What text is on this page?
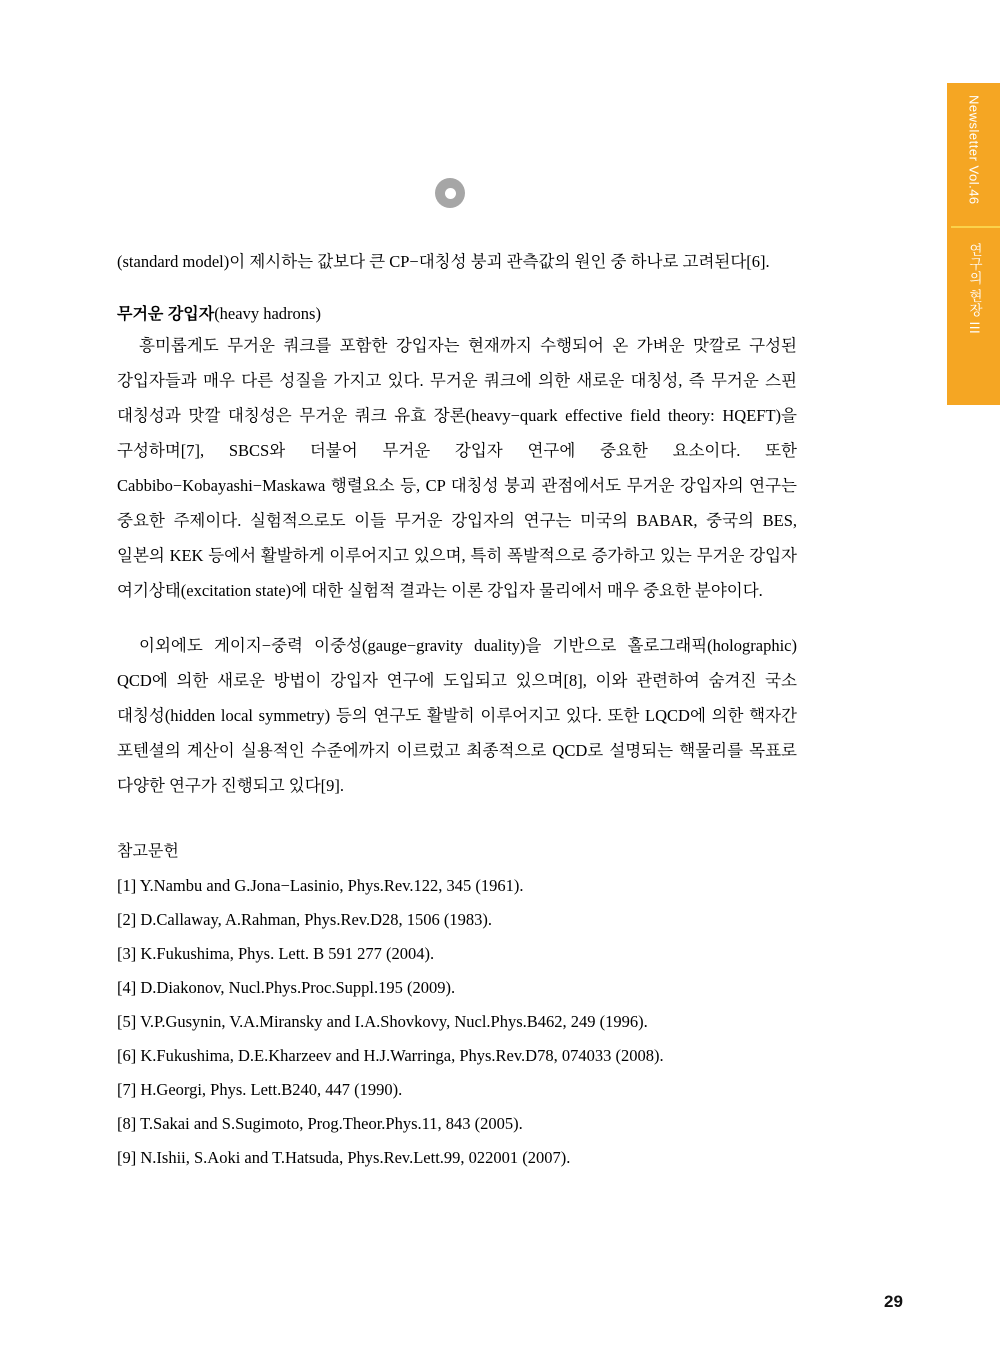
Newsletter Vol.46
연구의 현장 III

(standard model)이 제시하는 값보다 큰 CP−대칭성 붕괴 관측값의 원인 중 하나로 고려된다[6].

무거운 강입자(heavy hadrons)

흥미롭게도 무거운 쿼크를 포함한 강입자는 현재까지 수행되어 온 가벼운 맛깔로 구성된 강입자들과 매우 다른 성질을 가지고 있다. 무거운 쿼크에 의한 새로운 대칭성, 즉 무거운 스핀 대칭성과 맛깔 대칭성은 무거운 쿼크 유효 장론(heavy−quark effective field theory: HQEFT)을 구성하며[7], SBCS와 더불어 무거운 강입자 연구에 중요한 요소이다. 또한 Cabbibo−Kobayashi−Maskawa 행렬요소 등, CP 대칭성 붕괴 관점에서도 무거운 강입자의 연구는 중요한 주제이다. 실험적으로도 이들 무거운 강입자의 연구는 미국의 BABAR, 중국의 BES, 일본의 KEK 등에서 활발하게 이루어지고 있으며, 특히 폭발적으로 증가하고 있는 무거운 강입자 여기상태(excitation state)에 대한 실험적 결과는 이론 강입자 물리에서 매우 중요한 분야이다.

이외에도 게이지−중력 이중성(gauge−gravity duality)을 기반으로 홀로그래픽(holographic) QCD에 의한 새로운 방법이 강입자 연구에 도입되고 있으며[8], 이와 관련하여 숨겨진 국소 대칭성(hidden local symmetry) 등의 연구도 활발히 이루어지고 있다. 또한 LQCD에 의한 핵자간 포텐셜의 계산이 실용적인 수준에까지 이르렀고 최종적으로 QCD로 설명되는 핵물리를 목표로 다양한 연구가 진행되고 있다[9].

참고문헌

[1] Y.Nambu and G.Jona−Lasinio, Phys.Rev.122, 345 (1961).

[2] D.Callaway, A.Rahman, Phys.Rev.D28, 1506 (1983).

[3] K.Fukushima, Phys. Lett. B 591 277 (2004).

[4] D.Diakonov, Nucl.Phys.Proc.Suppl.195 (2009).

[5] V.P.Gusynin, V.A.Miransky and I.A.Shovkovy, Nucl.Phys.B462, 249 (1996).

[6] K.Fukushima, D.E.Kharzeev and H.J.Warringa, Phys.Rev.D78, 074033 (2008).

[7] H.Georgi, Phys. Lett.B240, 447 (1990).

[8] T.Sakai and S.Sugimoto, Prog.Theor.Phys.11, 843 (2005).

[9] N.Ishii, S.Aoki and T.Hatsuda, Phys.Rev.Lett.99, 022001 (2007).

29
